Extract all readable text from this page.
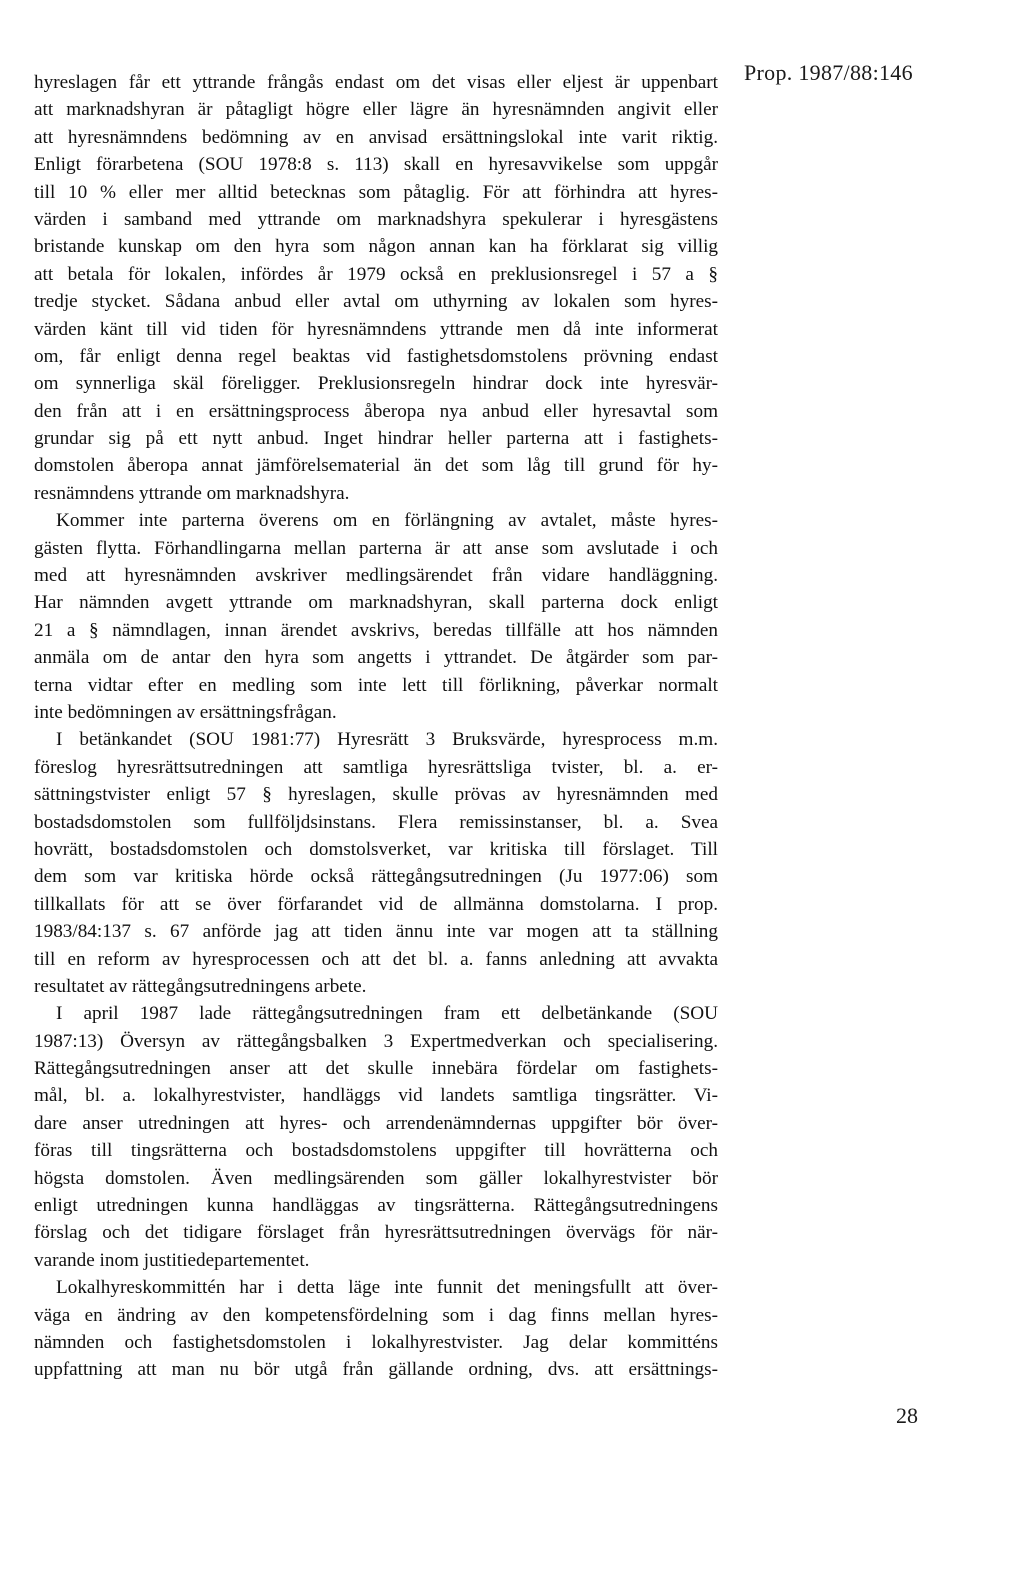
Prop. 1987/88:146
hyreslagen får ett yttrande frångås endast om det visas eller eljest är uppenbart
att marknadshyran är påtagligt högre eller lägre än hyresnämnden angivit eller
att hyresnämndens bedömning av en anvisad ersättningslokal inte varit riktig.
Enligt förarbetena (SOU 1978:8 s. 113) skall en hyresavvikelse som uppgår
till 10 % eller mer alltid betecknas som påtaglig. För att förhindra att hyres-
värden i samband med yttrande om marknadshyra spekulerar i hyresgästens
bristande kunskap om den hyra som någon annan kan ha förklarat sig villig
att betala för lokalen, infördes år 1979 också en preklusionsregel i 57 a §
tredje stycket. Sådana anbud eller avtal om uthyrning av lokalen som hyres-
värden känt till vid tiden för hyresnämndens yttrande men då inte informerat
om, får enligt denna regel beaktas vid fastighetsdomstolens prövning endast
om synnerliga skäl föreligger. Preklusionsregeln hindrar dock inte hyresvär-
den från att i en ersättningsprocess åberopa nya anbud eller hyresavtal som
grundar sig på ett nytt anbud. Inget hindrar heller parterna att i fastighets-
domstolen åberopa annat jämförelsematerial än det som låg till grund för hy-
resnämndens yttrande om marknadshyra.
Kommer inte parterna överens om en förlängning av avtalet, måste hyres-
gästen flytta. Förhandlingarna mellan parterna är att anse som avslutade i och
med att hyresnämnden avskriver medlingsärendet från vidare handläggning.
Har nämnden avgett yttrande om marknadshyran, skall parterna dock enligt
21 a § nämndlagen, innan ärendet avskrivs, beredas tillfälle att hos nämnden
anmäla om de antar den hyra som angetts i yttrandet. De åtgärder som par-
terna vidtar efter en medling som inte lett till förlikning, påverkar normalt
inte bedömningen av ersättningsfrågan.
I betänkandet (SOU 1981:77) Hyresrätt 3 Bruksvärde, hyresprocess m.m.
föreslog hyresrättsutredningen att samtliga hyresrättsliga tvister, bl. a. er-
sättningstvister enligt 57 § hyreslagen, skulle prövas av hyresnämnden med
bostadsdomstolen som fullföljdsinstans. Flera remissinstanser, bl. a. Svea
hovrätt, bostadsdomstolen och domstolsverket, var kritiska till förslaget. Till
dem som var kritiska hörde också rättegångsutredningen (Ju 1977:06) som
tillkallats för att se över förfarandet vid de allmänna domstolarna. I prop.
1983/84:137 s. 67 anförde jag att tiden ännu inte var mogen att ta ställning
till en reform av hyresprocessen och att det bl. a. fanns anledning att avvakta
resultatet av rättegångsutredningens arbete.
I april 1987 lade rättegångsutredningen fram ett delbetänkande (SOU
1987:13) Översyn av rättegångsbalken 3 Expertmedverkan och specialisering.
Rättegångsutredningen anser att det skulle innebära fördelar om fastighets-
mål, bl. a. lokalhyrestvister, handläggs vid landets samtliga tingsrätter. Vi-
dare anser utredningen att hyres- och arrendenämndernas uppgifter bör över-
föras till tingsrätterna och bostadsdomstolens uppgifter till hovrätterna och
högsta domstolen. Även medlingsärenden som gäller lokalhyrestvister bör
enligt utredningen kunna handläggas av tingsrätterna. Rättegångsutredningens
förslag och det tidigare förslaget från hyresrättsutredningen övervägs för när-
varande inom justitiedepartementet.
Lokalhyreskommittén har i detta läge inte funnit det meningsfullt att över-
väga en ändring av den kompetensfördelning som i dag finns mellan hyres-
nämnden och fastighetsdomstolen i lokalhyrestvister. Jag delar kommitténs
uppfattning att man nu bör utgå från gällande ordning, dvs. att ersättnings-
28
